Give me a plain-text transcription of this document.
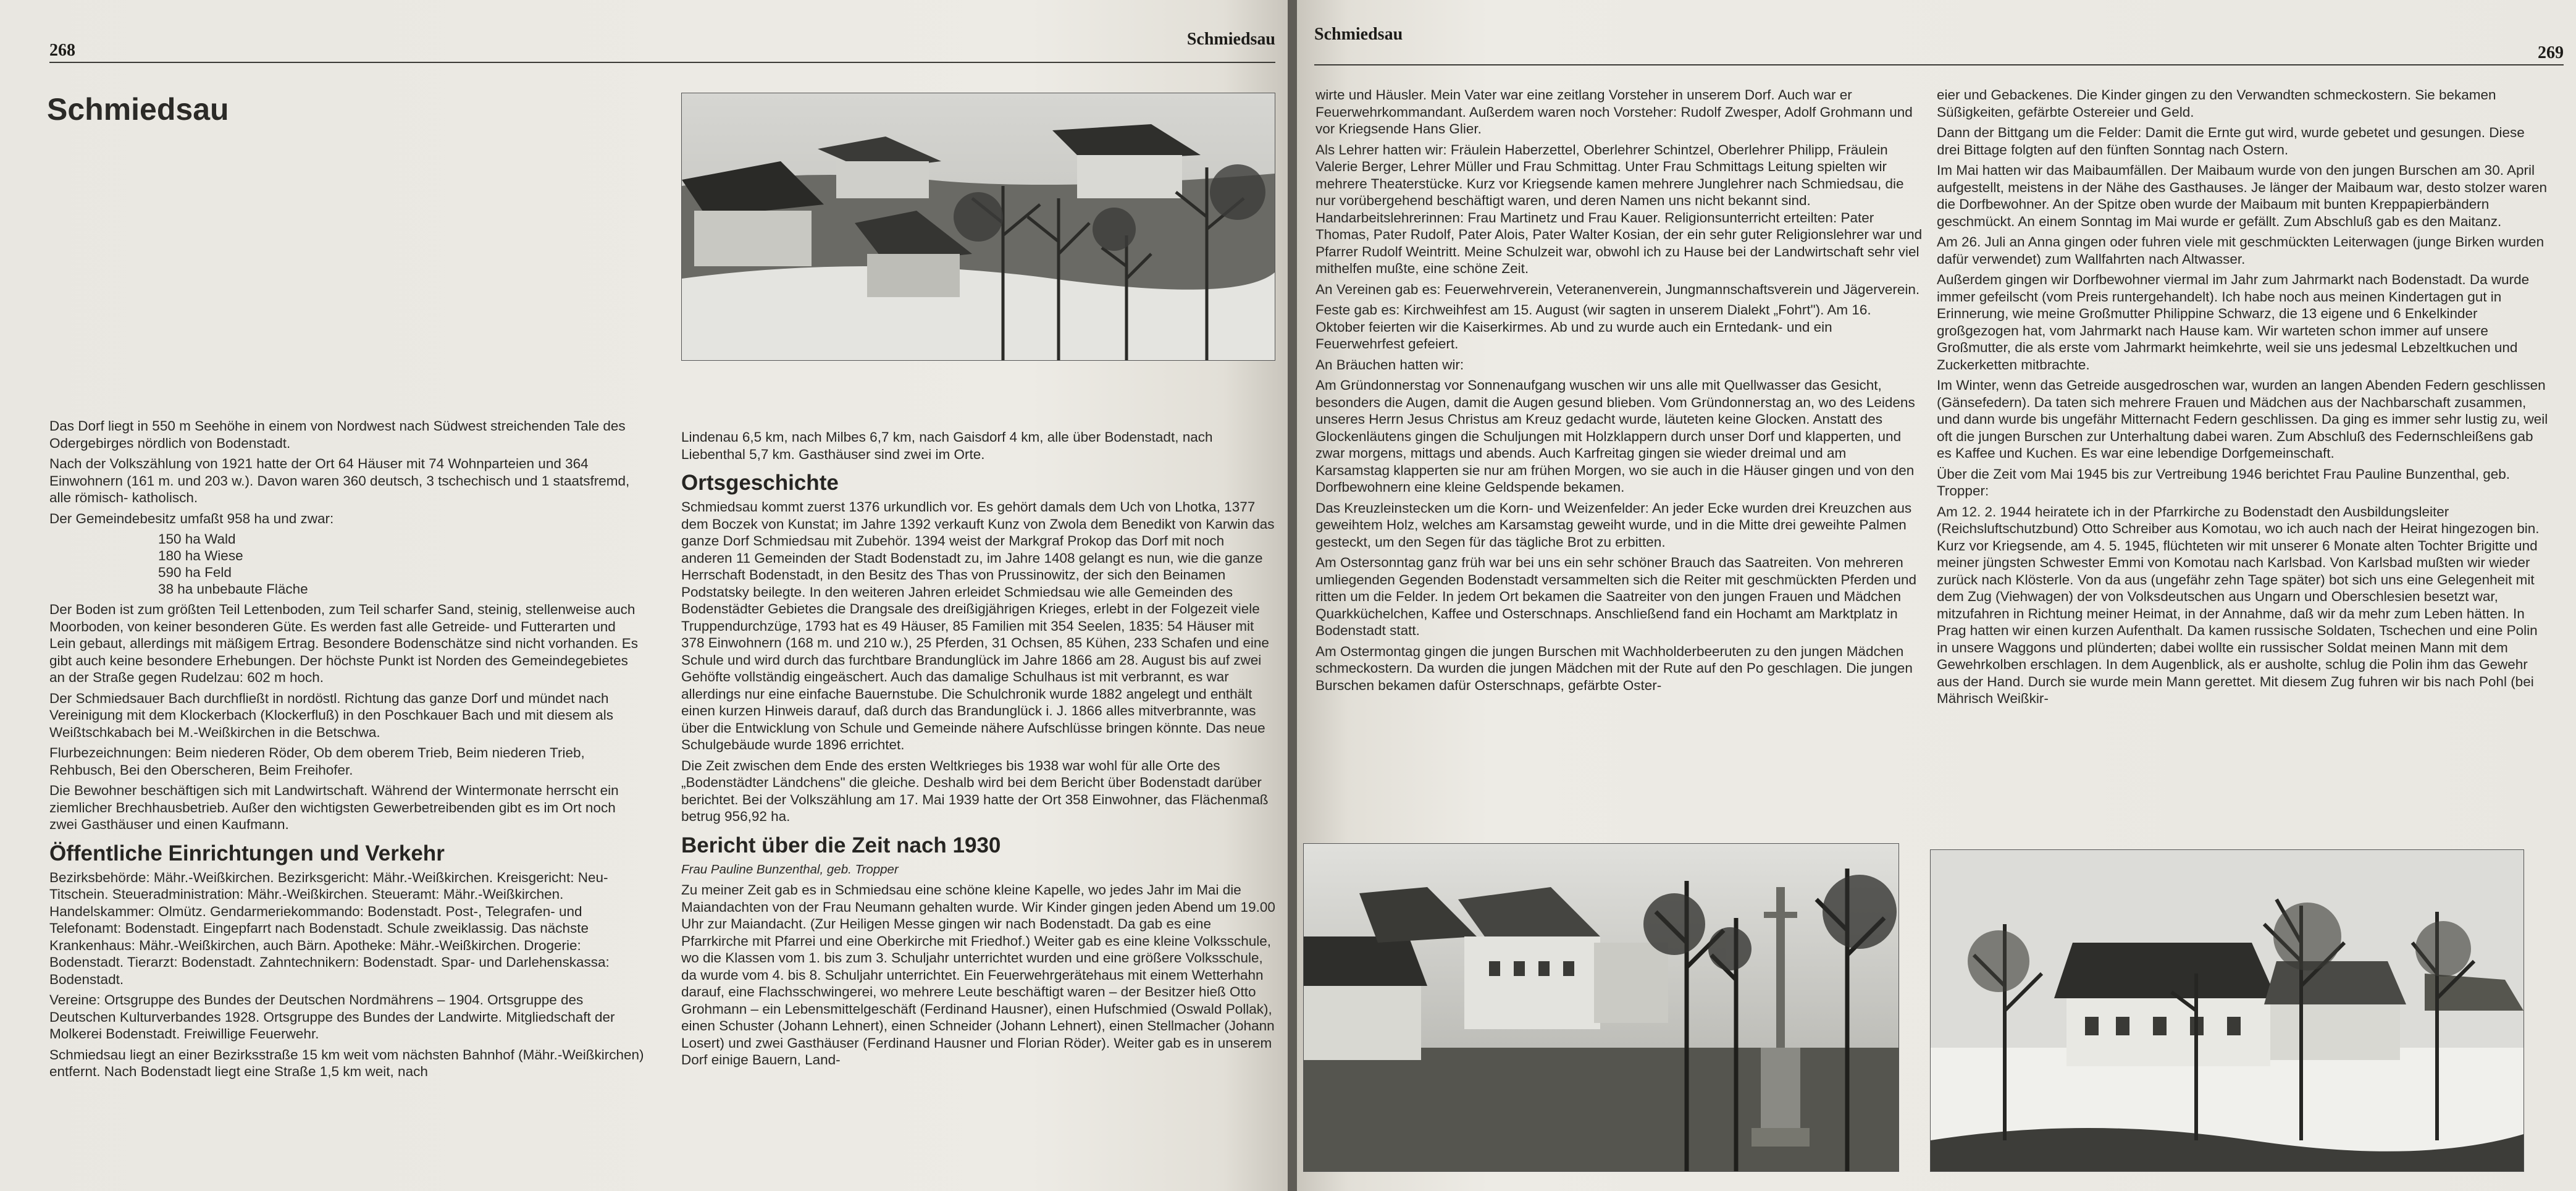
268
Schmiedsau
Schmiedsau

Das Dorf liegt in 550 m Seehöhe in einem von Nordwest nach Südwest streichenden Tale des Odergebirges nördlich von Bodenstadt.

Nach der Volkszählung von 1921 hatte der Ort 64 Häuser mit 74 Wohnparteien und 364 Einwohnern (161 m. und 203 w.). Davon waren 360 deutsch, 3 tschechisch und 1 staatsfremd, alle römisch- katholisch.

Der Gemeindebesitz umfaßt 958 ha und zwar:

150 ha Wald
180 ha Wiese
590 ha Feld
38 ha unbebaute Fläche

Der Boden ist zum größten Teil Lettenboden, zum Teil scharfer Sand, steinig, stellenweise auch Moorboden, von keiner besonderen Güte. Es werden fast alle Getreide- und Futterarten und Lein gebaut, allerdings mit mäßigem Ertrag. Besondere Bodenschätze sind nicht vorhanden. Es gibt auch keine besondere Erhebungen. Der höchste Punkt ist Norden des Gemeindegebietes an der Straße gegen Rudelzau: 602 m hoch.

Der Schmiedsauer Bach durchfließt in nordöstl. Richtung das ganze Dorf und mündet nach Vereinigung mit dem Klockerbach (Klockerfluß) in den Poschkauer Bach und mit diesem als Weißtschkabach bei M.-Weißkirchen in die Betschwa.

Flurbezeichnungen: Beim niederen Röder, Ob dem oberem Trieb, Beim niederen Trieb, Rehbusch, Bei den Oberscheren, Beim Freihofer.

Die Bewohner beschäftigen sich mit Landwirtschaft. Während der Wintermonate herrscht ein ziemlicher Brechhausbetrieb. Außer den wichtigsten Gewerbetreibenden gibt es im Ort noch zwei Gasthäuser und einen Kaufmann.

Öffentliche Einrichtungen und Verkehr

Bezirksbehörde: Mähr.-Weißkirchen. Bezirksgericht: Mähr.-Weißkirchen. Kreisgericht: Neu-Titschein. Steueradministration: Mähr.-Weißkirchen. Steueramt: Mähr.-Weißkirchen. Handelskammer: Olmütz. Gendarmeriekommando: Bodenstadt. Post-, Telegrafen- und Telefonamt: Bodenstadt. Eingepfarrt nach Bodenstadt. Schule zweiklassig. Das nächste Krankenhaus: Mähr.-Weißkirchen, auch Bärn. Apotheke: Mähr.-Weißkirchen. Drogerie: Bodenstadt. Tierarzt: Bodenstadt. Zahntechnikern: Bodenstadt. Spar- und Darlehenskassa: Bodenstadt.

Vereine: Ortsgruppe des Bundes der Deutschen Nordmährens – 1904. Ortsgruppe des Deutschen Kulturverbandes 1928. Ortsgruppe des Bundes der Landwirte. Mitgliedschaft der Molkerei Bodenstadt. Freiwillige Feuerwehr.

Schmiedsau liegt an einer Bezirksstraße 15 km weit vom nächsten Bahnhof (Mähr.-Weißkirchen) entfernt. Nach Bodenstadt liegt eine Straße 1,5 km weit, nach

Lindenau 6,5 km, nach Milbes 6,7 km, nach Gaisdorf 4 km, alle über Bodenstadt, nach Liebenthal 5,7 km. Gasthäuser sind zwei im Orte.

Ortsgeschichte

Schmiedsau kommt zuerst 1376 urkundlich vor. Es gehört damals dem Uch von Lhotka, 1377 dem Boczek von Kunstat; im Jahre 1392 verkauft Kunz von Zwola dem Benedikt von Karwin das ganze Dorf Schmiedsau mit Zubehör. 1394 weist der Markgraf Prokop das Dorf mit noch anderen 11 Gemeinden der Stadt Bodenstadt zu, im Jahre 1408 gelangt es nun, wie die ganze Herrschaft Bodenstadt, in den Besitz des Thas von Prussinowitz, der sich den Beinamen Podstatsky beilegte. In den weiteren Jahren erleidet Schmiedsau wie alle Gemeinden des Bodenstädter Gebietes die Drangsale des dreißigjährigen Krieges, erlebt in der Folgezeit viele Truppendurchzüge, 1793 hat es 49 Häuser, 85 Familien mit 354 Seelen, 1835: 54 Häuser mit 378 Einwohnern (168 m. und 210 w.), 25 Pferden, 31 Ochsen, 85 Kühen, 233 Schafen und eine Schule und wird durch das furchtbare Brandunglück im Jahre 1866 am 28. August bis auf zwei Gehöfte vollständig eingeäschert. Auch das damalige Schulhaus ist mit verbrannt, es war allerdings nur eine einfache Bauernstube. Die Schulchronik wurde 1882 angelegt und enthält einen kurzen Hinweis darauf, daß durch das Brandunglück i. J. 1866 alles mitverbrannte, was über die Entwicklung von Schule und Gemeinde nähere Aufschlüsse bringen könnte. Das neue Schulgebäude wurde 1896 errichtet.

Die Zeit zwischen dem Ende des ersten Weltkrieges bis 1938 war wohl für alle Orte des „Bodenstädter Ländchens" die gleiche. Deshalb wird bei dem Bericht über Bodenstadt darüber berichtet. Bei der Volkszählung am 17. Mai 1939 hatte der Ort 358 Einwohner, das Flächenmaß betrug 956,92 ha.

Bericht über die Zeit nach 1930

Frau Pauline Bunzenthal, geb. Tropper

Zu meiner Zeit gab es in Schmiedsau eine schöne kleine Kapelle, wo jedes Jahr im Mai die Maiandachten von der Frau Neumann gehalten wurde. Wir Kinder gingen jeden Abend um 19.00 Uhr zur Maiandacht. (Zur Heiligen Messe gingen wir nach Bodenstadt. Da gab es eine Pfarrkirche mit Pfarrei und eine Oberkirche mit Friedhof.) Weiter gab es eine kleine Volksschule, wo die Klassen vom 1. bis zum 3. Schuljahr unterrichtet wurden und eine größere Volksschule, da wurde vom 4. bis 8. Schuljahr unterrichtet. Ein Feuerwehrgerätehaus mit einem Wetterhahn darauf, eine Flachsschwingerei, wo mehrere Leute beschäftigt waren – der Besitzer hieß Otto Grohmann – ein Lebensmittelgeschäft (Ferdinand Hausner), einen Hufschmied (Oswald Pollak), einen Schuster (Johann Lehnert), einen Schneider (Johann Lehnert), einen Stellmacher (Johann Losert) und zwei Gasthäuser (Ferdinand Hausner und Florian Röder). Weiter gab es in unserem Dorf einige Bauern, Land-

Schmiedsau
269

wirte und Häusler. Mein Vater war eine zeitlang Vorsteher in unserem Dorf. Auch war er Feuerwehrkommandant. Außerdem waren noch Vorsteher: Rudolf Zwesper, Adolf Grohmann und vor Kriegsende Hans Glier.

Als Lehrer hatten wir: Fräulein Haberzettel, Oberlehrer Schintzel, Oberlehrer Philipp, Fräulein Valerie Berger, Lehrer Müller und Frau Schmittag. Unter Frau Schmittags Leitung spielten wir mehrere Theaterstücke. Kurz vor Kriegsende kamen mehrere Junglehrer nach Schmiedsau, die nur vorübergehend beschäftigt waren, und deren Namen uns nicht bekannt sind. Handarbeitslehrerinnen: Frau Martinetz und Frau Kauer. Religionsunterricht erteilten: Pater Thomas, Pater Rudolf, Pater Alois, Pater Walter Kosian, der ein sehr guter Religionslehrer war und Pfarrer Rudolf Weintritt. Meine Schulzeit war, obwohl ich zu Hause bei der Landwirtschaft sehr viel mithelfen mußte, eine schöne Zeit.

An Vereinen gab es: Feuerwehrverein, Veteranenverein, Jungmannschaftsverein und Jägerverein.

Feste gab es: Kirchweihfest am 15. August (wir sagten in unserem Dialekt „Fohrt"). Am 16. Oktober feierten wir die Kaiserkirmes. Ab und zu wurde auch ein Erntedank- und ein Feuerwehrfest gefeiert.

An Bräuchen hatten wir:

Am Gründonnerstag vor Sonnenaufgang wuschen wir uns alle mit Quellwasser das Gesicht, besonders die Augen, damit die Augen gesund blieben. Vom Gründonnerstag an, wo des Leidens unseres Herrn Jesus Christus am Kreuz gedacht wurde, läuteten keine Glocken. Anstatt des Glockenläutens gingen die Schuljungen mit Holzklappern durch unser Dorf und klapperten, und zwar morgens, mittags und abends. Auch Karfreitag gingen sie wieder dreimal und am Karsamstag klapperten sie nur am frühen Morgen, wo sie auch in die Häuser gingen und von den Dorfbewohnern eine kleine Geldspende bekamen.

Das Kreuzleinstecken um die Korn- und Weizenfelder: An jeder Ecke wurden drei Kreuzchen aus geweihtem Holz, welches am Karsamstag geweiht wurde, und in die Mitte drei geweihte Palmen gesteckt, um den Segen für das tägliche Brot zu erbitten.

Am Ostersonntag ganz früh war bei uns ein sehr schöner Brauch das Saatreiten. Von mehreren umliegenden Gegenden Bodenstadt versammelten sich die Reiter mit geschmückten Pferden und ritten um die Felder. In jedem Ort bekamen die Saatreiter von den jungen Frauen und Mädchen Quarkküchelchen, Kaffee und Osterschnaps. Anschließend fand ein Hochamt am Marktplatz in Bodenstadt statt.

Am Ostermontag gingen die jungen Burschen mit Wachholderbeeruten zu den jungen Mädchen schmeckostern. Da wurden die jungen Mädchen mit der Rute auf den Po geschlagen. Die jungen Burschen bekamen dafür Osterschnaps, gefärbte Oster-

eier und Gebackenes. Die Kinder gingen zu den Verwandten schmeckostern. Sie bekamen Süßigkeiten, gefärbte Ostereier und Geld.

Dann der Bittgang um die Felder: Damit die Ernte gut wird, wurde gebetet und gesungen. Diese drei Bittage folgten auf den fünften Sonntag nach Ostern.

Im Mai hatten wir das Maibaumfällen. Der Maibaum wurde von den jungen Burschen am 30. April aufgestellt, meistens in der Nähe des Gasthauses. Je länger der Maibaum war, desto stolzer waren die Dorfbewohner. An der Spitze oben wurde der Maibaum mit bunten Kreppapierbändern geschmückt. An einem Sonntag im Mai wurde er gefällt. Zum Abschluß gab es den Maitanz.

Am 26. Juli an Anna gingen oder fuhren viele mit geschmückten Leiterwagen (junge Birken wurden dafür verwendet) zum Wallfahrten nach Altwasser.

Außerdem gingen wir Dorfbewohner viermal im Jahr zum Jahrmarkt nach Bodenstadt. Da wurde immer gefeilscht (vom Preis runtergehandelt). Ich habe noch aus meinen Kindertagen gut in Erinnerung, wie meine Großmutter Philippine Schwarz, die 13 eigene und 6 Enkelkinder großgezogen hat, vom Jahrmarkt nach Hause kam. Wir warteten schon immer auf unsere Großmutter, die als erste vom Jahrmarkt heimkehrte, weil sie uns jedesmal Lebzeltkuchen und Zuckerketten mitbrachte.

Im Winter, wenn das Getreide ausgedroschen war, wurden an langen Abenden Federn geschlissen (Gänsefedern). Da taten sich mehrere Frauen und Mädchen aus der Nachbarschaft zusammen, und dann wurde bis ungefähr Mitternacht Federn geschlissen. Da ging es immer sehr lustig zu, weil oft die jungen Burschen zur Unterhaltung dabei waren. Zum Abschluß des Federnschleißens gab es Kaffee und Kuchen. Es war eine lebendige Dorfgemeinschaft.

Über die Zeit vom Mai 1945 bis zur Vertreibung 1946 berichtet Frau Pauline Bunzenthal, geb. Tropper:

Am 12. 2. 1944 heiratete ich in der Pfarrkirche zu Bodenstadt den Ausbildungsleiter (Reichsluftschutzbund) Otto Schreiber aus Komotau, wo ich auch nach der Heirat hingezogen bin. Kurz vor Kriegsende, am 4. 5. 1945, flüchteten wir mit unserer 6 Monate alten Tochter Brigitte und meiner jüngsten Schwester Emmi von Komotau nach Karlsbad. Von Karlsbad mußten wir wieder zurück nach Klösterle. Von da aus (ungefähr zehn Tage später) bot sich uns eine Gelegenheit mit dem Zug (Viehwagen) der von Volksdeutschen aus Ungarn und Oberschlesien besetzt war, mitzufahren in Richtung meiner Heimat, in der Annahme, daß wir da mehr zum Leben hätten. In Prag hatten wir einen kurzen Aufenthalt. Da kamen russische Soldaten, Tschechen und eine Polin in unsere Waggons und plünderten; dabei wollte ein russischer Soldat meinen Mann mit dem Gewehrkolben erschlagen. In dem Augenblick, als er ausholte, schlug die Polin ihm das Gewehr aus der Hand. Durch sie wurde mein Mann gerettet. Mit diesem Zug fuhren wir bis nach Pohl (bei Mährisch Weißkir-
